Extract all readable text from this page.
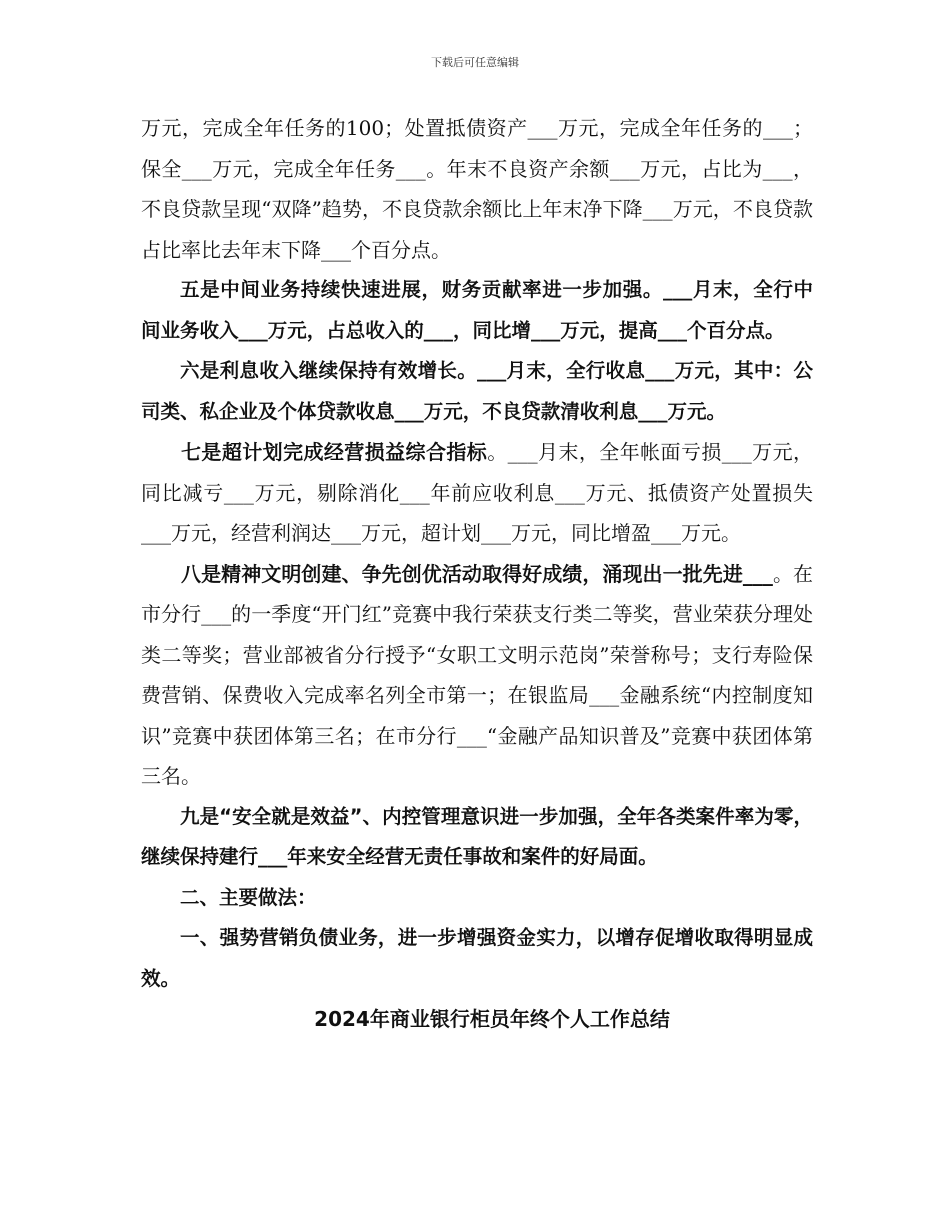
下载后可任意编辑

万元，完成全年任务的100；处置抵债资产___万元，完成全年任务的___；保全___万元，完成全年任务___。年末不良资产余额___万元，占比为___，不良贷款呈现“双降”趋势，不良贷款余额比上年末净下降___万元，不良贷款占比率比去年末下降___个百分点。

五是中间业务持续快速进展，财务贡献率进一步加强。___月末，全行中间业务收入___万元，占总收入的___，同比增___万元，提高___个百分点。

六是利息收入继续保持有效增长。___月末，全行收息___万元，其中：公司类、私企业及个体贷款收息___万元，不良贷款清收利息___万元。

七是超计划完成经营损益综合指标。___月末，全年帐面亏损___万元，同比减亏___万元，剔除消化___年前应收利息___万元、抵债资产处置损失___万元，经营利润达___万元，超计划___万元，同比增盈___万元。

八是精神文明创建、争先创优活动取得好成绩，涌现出一批先进___。在市分行___的一季度“开门红”竞赛中我行荣获支行类二等奖，营业荣获分理处类二等奖；营业部被省分行授予“女职工文明示范岗”荣誉称号；支行寿险保费营销、保费收入完成率名列全市第一；在银监局___金融系统“内控制度知识”竞赛中获团体第三名；在市分行___“金融产品知识普及”竞赛中获团体第三名。

九是“安全就是效益”、内控管理意识进一步加强，全年各类案件率为零，继续保持建行___年来安全经营无责任事故和案件的好局面。

二、主要做法：

一、强势营销负债业务，进一步增强资金实力，以增存促增收取得明显成效。

2024年商业银行柜员年终个人工作总结
